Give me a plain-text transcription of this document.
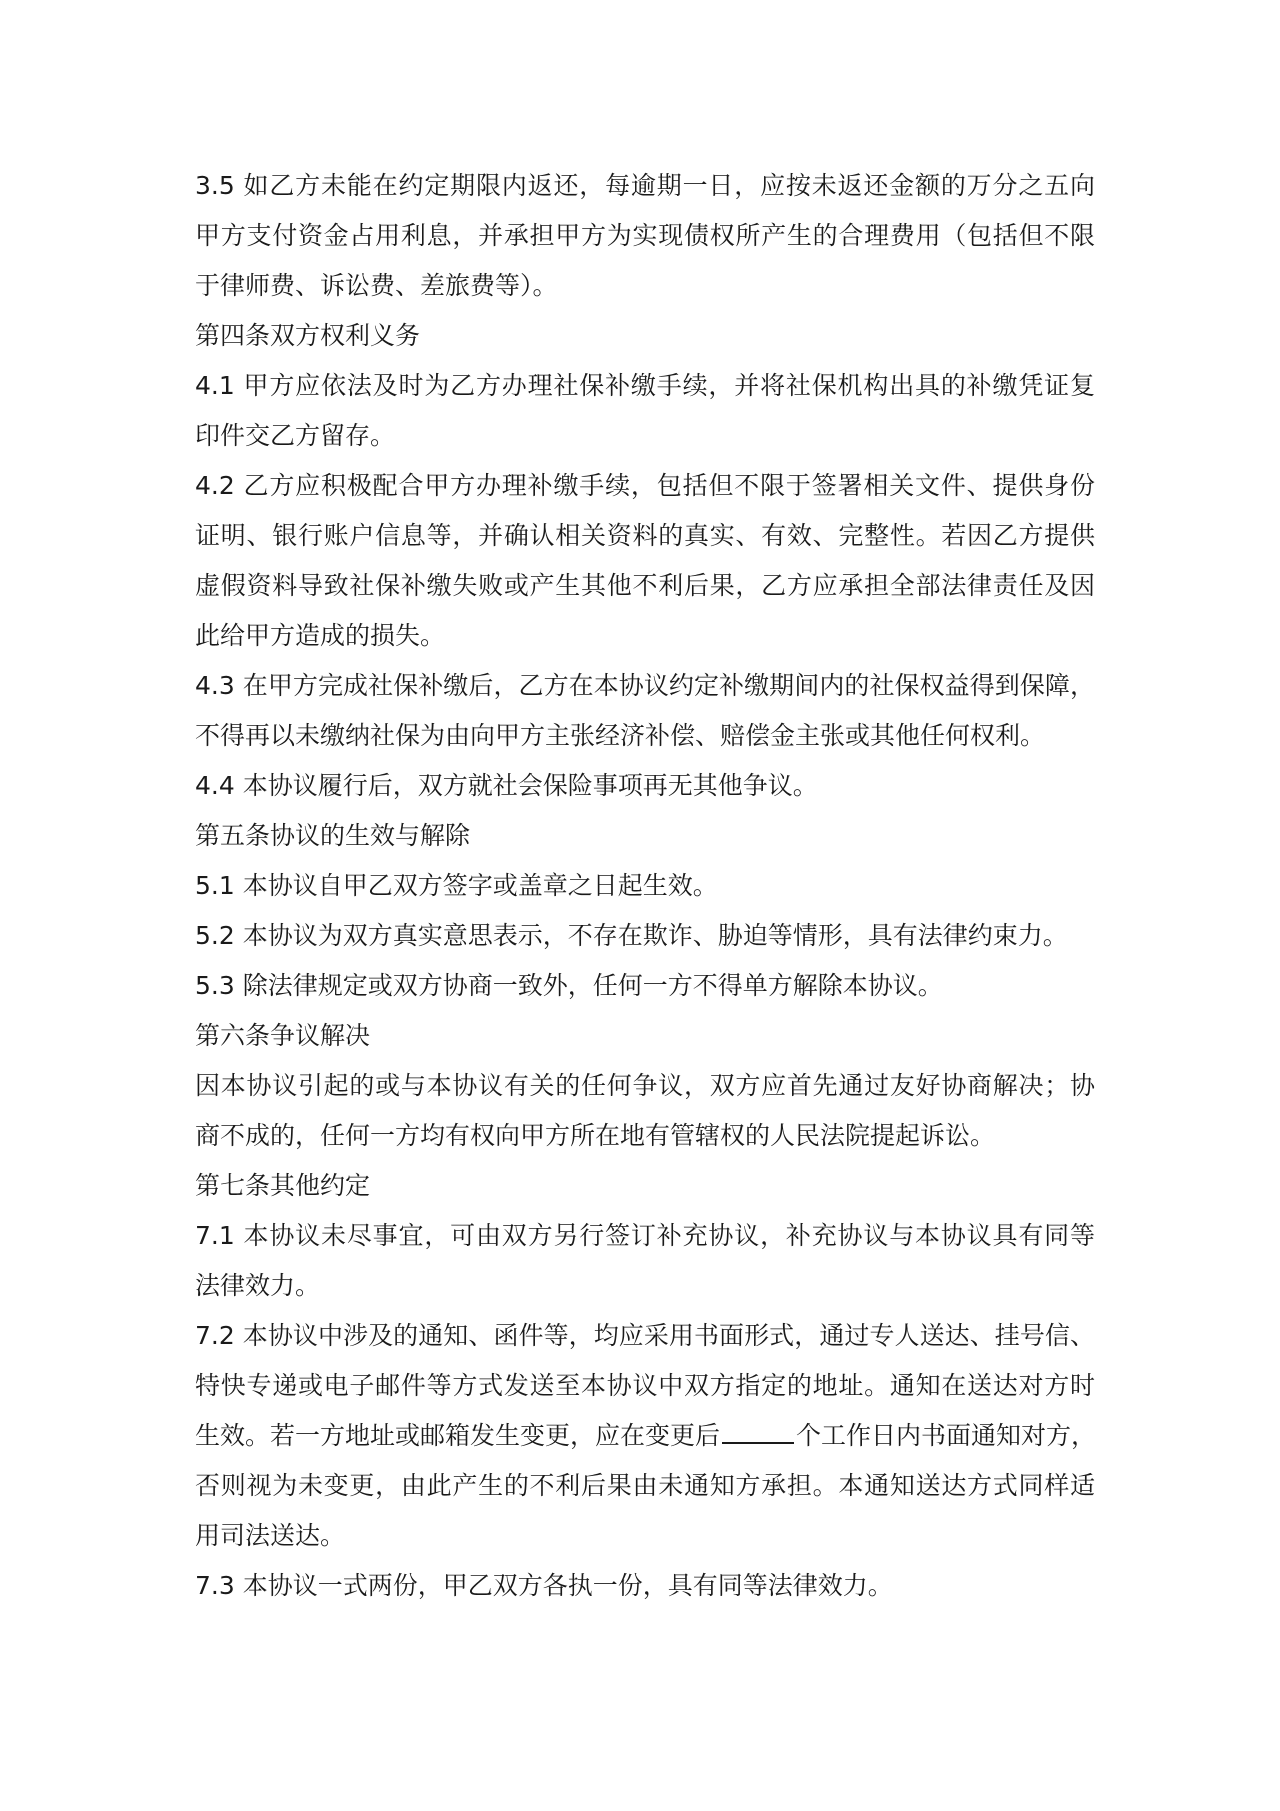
3.5 如乙方未能在约定期限内返还，每逾期一日，应按未返还金额的万分之五向
甲方支付资金占用利息，并承担甲方为实现债权所产生的合理费用（包括但不限
于律师费、诉讼费、差旅费等）。
第四条双方权利义务
4.1 甲方应依法及时为乙方办理社保补缴手续，并将社保机构出具的补缴凭证复
印件交乙方留存。
4.2 乙方应积极配合甲方办理补缴手续，包括但不限于签署相关文件、提供身份
证明、银行账户信息等，并确认相关资料的真实、有效、完整性。若因乙方提供
虚假资料导致社保补缴失败或产生其他不利后果，乙方应承担全部法律责任及因
此给甲方造成的损失。
4.3 在甲方完成社保补缴后，乙方在本协议约定补缴期间内的社保权益得到保障，
不得再以未缴纳社保为由向甲方主张经济补偿、赔偿金主张或其他任何权利。
4.4 本协议履行后，双方就社会保险事项再无其他争议。
第五条协议的生效与解除
5.1 本协议自甲乙双方签字或盖章之日起生效。
5.2 本协议为双方真实意思表示，不存在欺诈、胁迫等情形，具有法律约束力。
5.3 除法律规定或双方协商一致外，任何一方不得单方解除本协议。
第六条争议解决
因本协议引起的或与本协议有关的任何争议，双方应首先通过友好协商解决；协
商不成的，任何一方均有权向甲方所在地有管辖权的人民法院提起诉讼。
第七条其他约定
7.1 本协议未尽事宜，可由双方另行签订补充协议，补充协议与本协议具有同等
法律效力。
7.2 本协议中涉及的通知、函件等，均应采用书面形式，通过专人送达、挂号信、
特快专递或电子邮件等方式发送至本协议中双方指定的地址。通知在送达对方时
生效。若一方地址或邮箱发生变更，应在变更后	个工作日内书面通知对方，
否则视为未变更，由此产生的不利后果由未通知方承担。本通知送达方式同样适
用司法送达。
7.3 本协议一式两份，甲乙双方各执一份，具有同等法律效力。
